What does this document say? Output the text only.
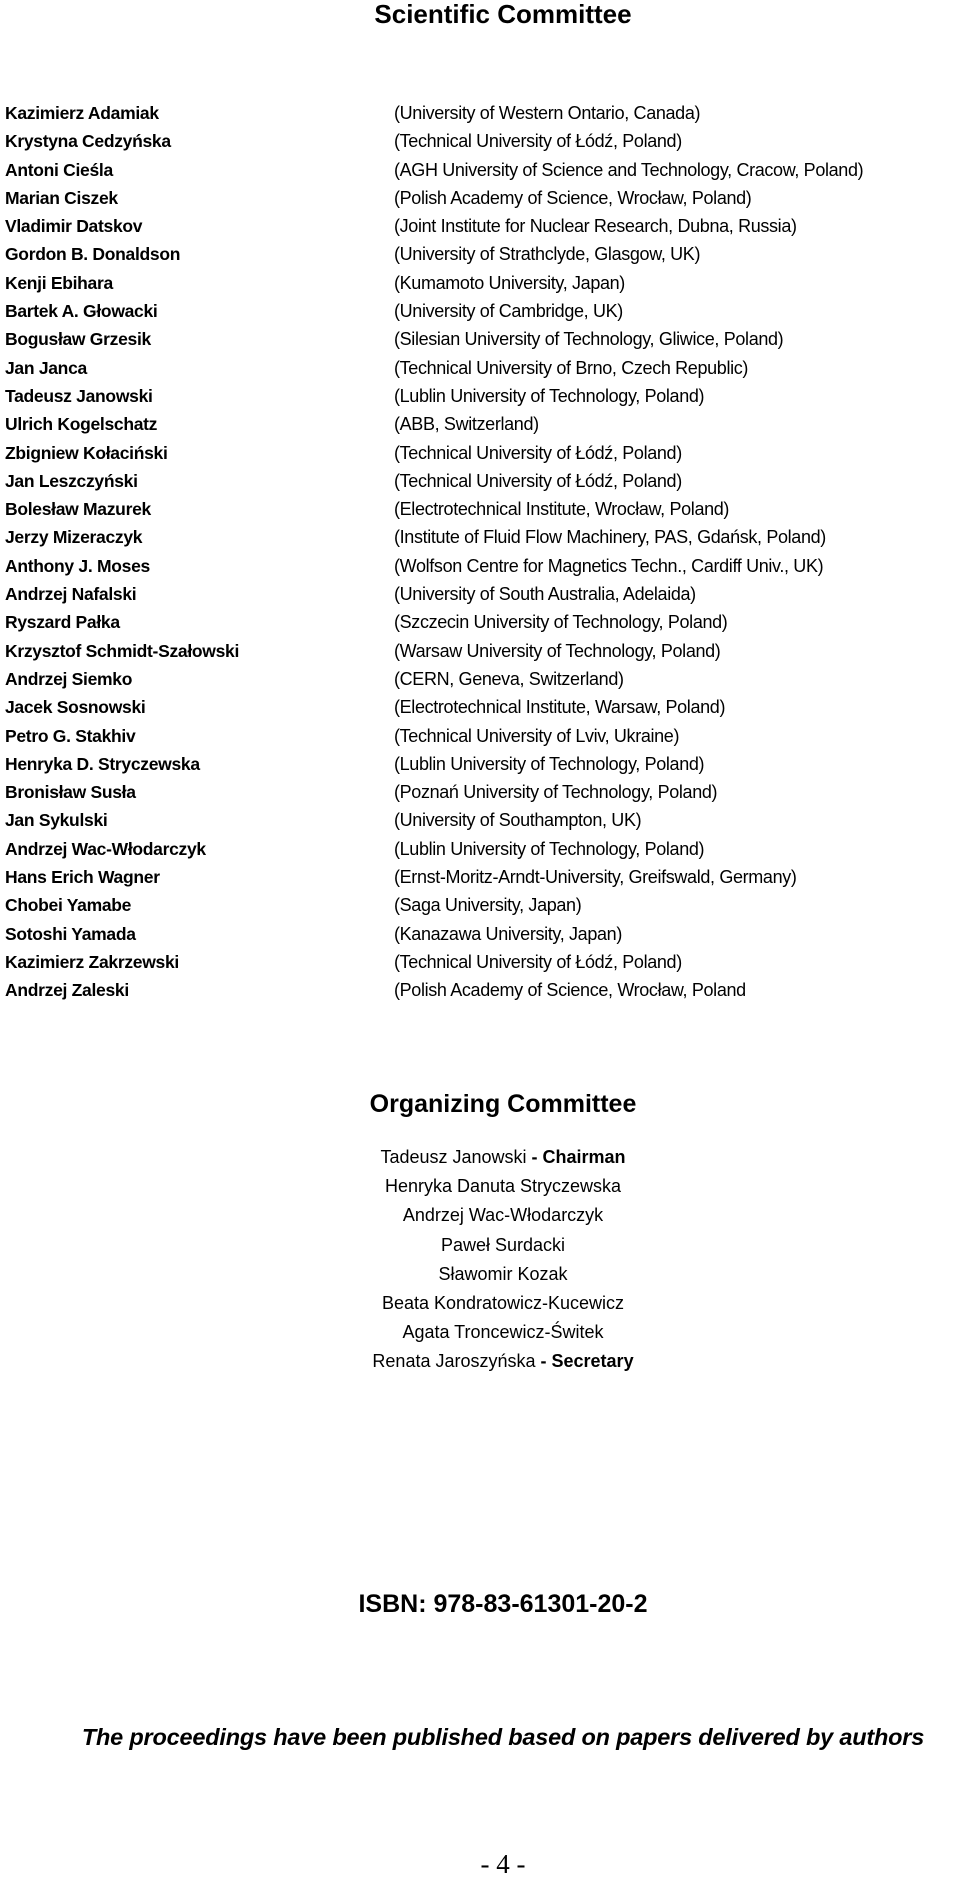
Scientific Committee
Kazimierz Adamiak	(University of Western Ontario, Canada)
Krystyna Cedzyńska	(Technical University of Łódź, Poland)
Antoni Cieśla	(AGH University of Science and Technology, Cracow, Poland)
Marian Ciszek	(Polish Academy of Science, Wrocław, Poland)
Vladimir Datskov	(Joint Institute for Nuclear Research, Dubna, Russia)
Gordon B. Donaldson	(University of Strathclyde, Glasgow, UK)
Kenji Ebihara	(Kumamoto University, Japan)
Bartek A. Głowacki	(University of Cambridge, UK)
Bogusław Grzesik	(Silesian University of Technology, Gliwice, Poland)
Jan Janca	(Technical University of Brno, Czech Republic)
Tadeusz Janowski	(Lublin University of Technology, Poland)
Ulrich Kogelschatz	(ABB, Switzerland)
Zbigniew Kołaciński	(Technical University of Łódź, Poland)
Jan Leszczyński	(Technical University of Łódź, Poland)
Bolesław Mazurek	(Electrotechnical Institute, Wrocław, Poland)
Jerzy Mizeraczyk	(Institute of Fluid Flow Machinery, PAS, Gdańsk, Poland)
Anthony J. Moses	(Wolfson Centre for Magnetics Techn., Cardiff Univ., UK)
Andrzej Nafalski	(University of South Australia, Adelaida)
Ryszard Pałka	(Szczecin University of Technology, Poland)
Krzysztof Schmidt-Szałowski	(Warsaw University of Technology, Poland)
Andrzej Siemko	(CERN, Geneva, Switzerland)
Jacek Sosnowski	(Electrotechnical Institute, Warsaw, Poland)
Petro G. Stakhiv	(Technical University of Lviv, Ukraine)
Henryka D. Stryczewska	(Lublin University of Technology, Poland)
Bronisław Susła	(Poznań University of Technology, Poland)
Jan Sykulski	(University of Southampton, UK)
Andrzej Wac-Włodarczyk	(Lublin University of Technology, Poland)
Hans Erich Wagner	(Ernst-Moritz-Arndt-University, Greifswald, Germany)
Chobei Yamabe	(Saga University, Japan)
Sotoshi Yamada	(Kanazawa University, Japan)
Kazimierz Zakrzewski	(Technical University of Łódź, Poland)
Andrzej Zaleski	(Polish Academy of Science, Wrocław, Poland
Organizing Committee
Tadeusz Janowski - Chairman
Henryka Danuta Stryczewska
Andrzej Wac-Włodarczyk
Paweł Surdacki
Sławomir Kozak
Beata Kondratowicz-Kucewicz
Agata Troncewicz-Świtek
Renata Jaroszyńska - Secretary
ISBN: 978-83-61301-20-2
The proceedings have been published based on papers delivered by authors
- 4 -
